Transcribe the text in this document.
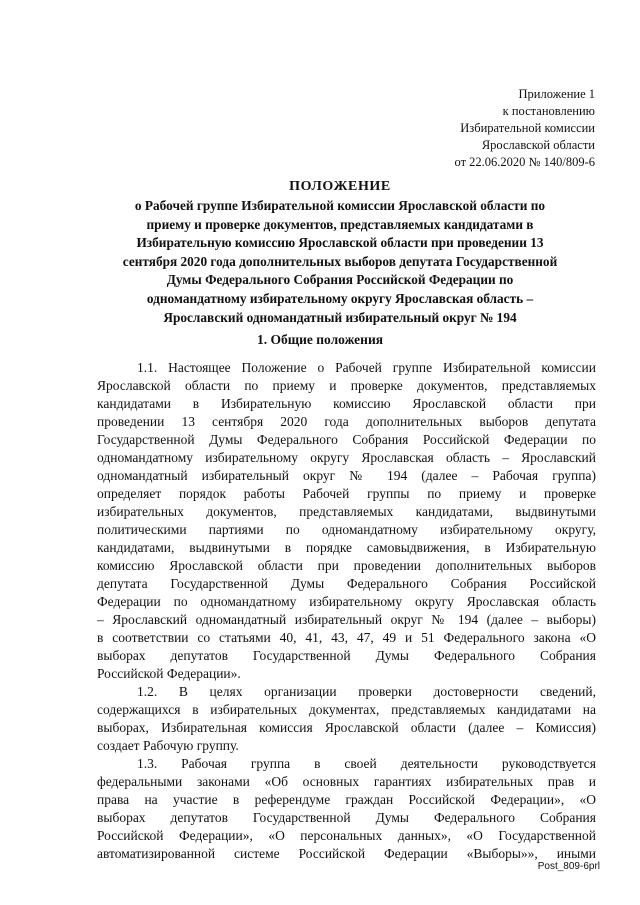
Приложение 1
к постановлению
Избирательной комиссии
Ярославской области
от 22.06.2020 № 140/809-6
ПОЛОЖЕНИЕ
о Рабочей группе Избирательной комиссии Ярославской области по
приему и проверке документов, представляемых кандидатами в
Избирательную комиссию Ярославской области при проведении 13
сентября 2020 года дополнительных выборов депутата Государственной
Думы Федерального Собрания Российской Федерации по
одномандатному избирательному округу Ярославская область –
Ярославский одномандатный избирательный округ № 194
1. Общие положения
1.1. Настоящее Положение о Рабочей группе Избирательной комиссии
Ярославской области по приему и проверке документов, представляемых
кандидатами в Избирательную комиссию Ярославской области при
проведении 13 сентября 2020 года дополнительных выборов депутата
Государственной Думы Федерального Собрания Российской Федерации по
одномандатному избирательному округу Ярославская область – Ярославский
одномандатный избирательный округ № 194 (далее – Рабочая группа)
определяет порядок работы Рабочей группы по приему и проверке
избирательных документов, представляемых кандидатами, выдвинутыми
политическими партиями по одномандатному избирательному округу,
кандидатами, выдвинутыми в порядке самовыдвижения, в Избирательную
комиссию Ярославской области при проведении дополнительных выборов
депутата Государственной Думы Федерального Собрания Российской
Федерации по одномандатному избирательному округу Ярославская область
– Ярославский одномандатный избирательный округ № 194 (далее – выборы)
в соответствии со статьями 40, 41, 43, 47, 49 и 51 Федерального закона «О
выборах депутатов Государственной Думы Федерального Собрания
Российской Федерации».
1.2. В целях организации проверки достоверности сведений,
содержащихся в избирательных документах, представляемых кандидатами на
выборах, Избирательная комиссия Ярославской области (далее – Комиссия)
создает Рабочую группу.
1.3. Рабочая группа в своей деятельности руководствуется
федеральными законами «Об основных гарантиях избирательных прав и
права на участие в референдуме граждан Российской Федерации», «О
выборах депутатов Государственной Думы Федерального Собрания
Российской Федерации», «О персональных данных», «О Государственной
автоматизированной системе Российской Федерации «Выборы»», иными
Post_809-6prl
